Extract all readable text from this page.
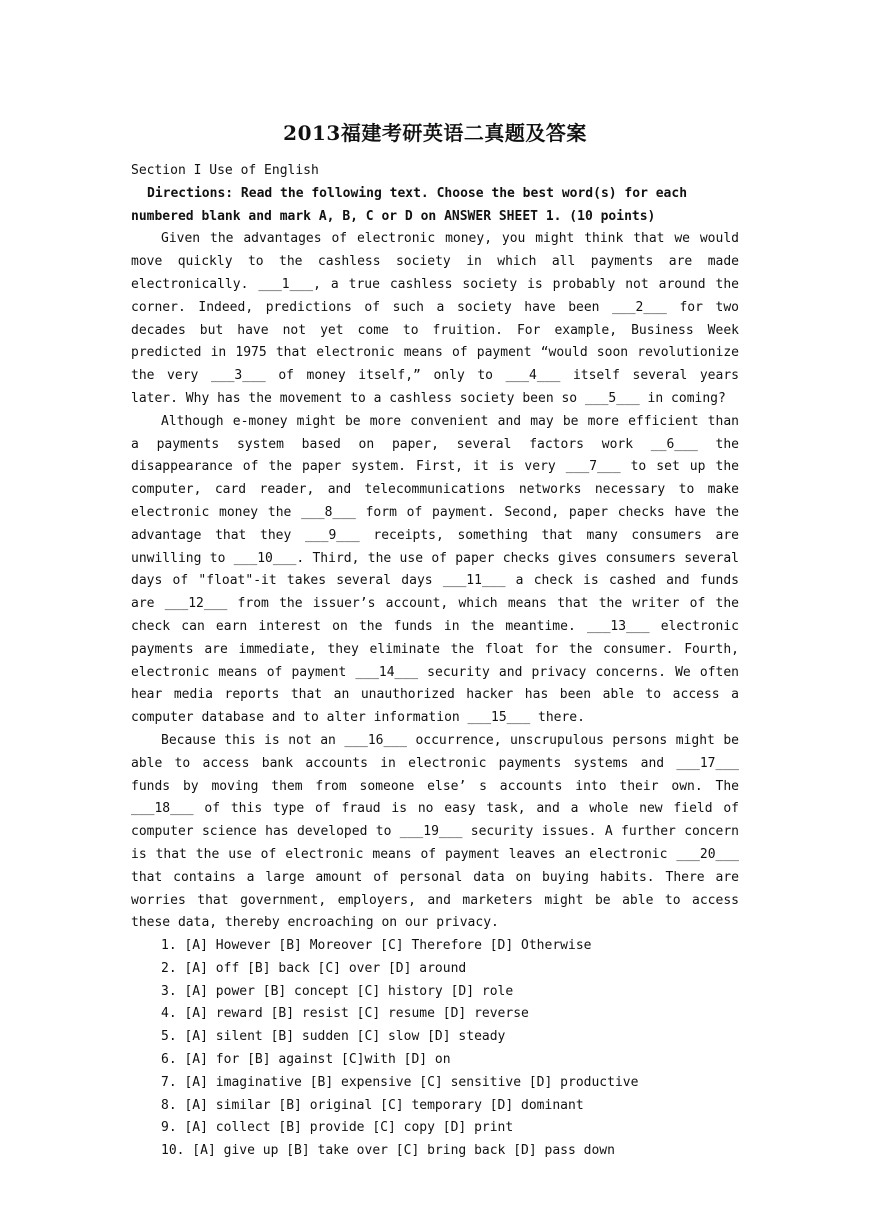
2013福建考研英语二真题及答案

Section I Use of English

Directions: Read the following text. Choose the best word(s) for each numbered blank and mark A, B, C or D on ANSWER SHEET 1. (10 points)

Given the advantages of electronic money, you might think that we would move quickly to the cashless society in which all payments are made electronically. ___1___, a true cashless society is probably not around the corner. Indeed, predictions of such a society have been ___2___ for two decades but have not yet come to fruition. For example, Business Week predicted in 1975 that electronic means of payment “would soon revolutionize the very ___3___ of money itself,” only to ___4___ itself several years later. Why has the movement to a cashless society been so ___5___ in coming?

Although e-money might be more convenient and may be more efficient than a payments system based on paper, several factors work __6___ the disappearance of the paper system. First, it is very ___7___ to set up the computer, card reader, and telecommunications networks necessary to make electronic money the ___8___ form of payment. Second, paper checks have the advantage that they ___9___ receipts, something that many consumers are unwilling to ___10___. Third, the use of paper checks gives consumers several days of "float"-it takes several days ___11___ a check is cashed and funds are ___12___ from the issuer’s account, which means that the writer of the check can earn interest on the funds in the meantime. ___13___ electronic payments are immediate, they eliminate the float for the consumer. Fourth, electronic means of payment ___14___ security and privacy concerns. We often hear media reports that an unauthorized hacker has been able to access a computer database and to alter information ___15___ there.

Because this is not an ___16___ occurrence, unscrupulous persons might be able to access bank accounts in electronic payments systems and ___17___ funds by moving them from someone else’ s accounts into their own. The ___18___ of this type of fraud is no easy task, and a whole new field of computer science has developed to ___19___ security issues. A further concern is that the use of electronic means of payment leaves an electronic ___20___ that contains a large amount of personal data on buying habits. There are worries that government, employers, and marketers might be able to access these data, thereby encroaching on our privacy.

1. [A] However [B] Moreover [C] Therefore [D] Otherwise
2. [A] off [B] back [C] over [D] around
3. [A] power [B] concept [C] history [D] role
4. [A] reward [B] resist [C] resume [D] reverse
5. [A] silent [B] sudden [C] slow [D] steady
6. [A] for [B] against [C]with [D] on
7. [A] imaginative [B] expensive [C] sensitive [D] productive
8. [A] similar [B] original [C] temporary [D] dominant
9. [A] collect [B] provide [C] copy [D] print
10. [A] give up [B] take over [C] bring back [D] pass down
